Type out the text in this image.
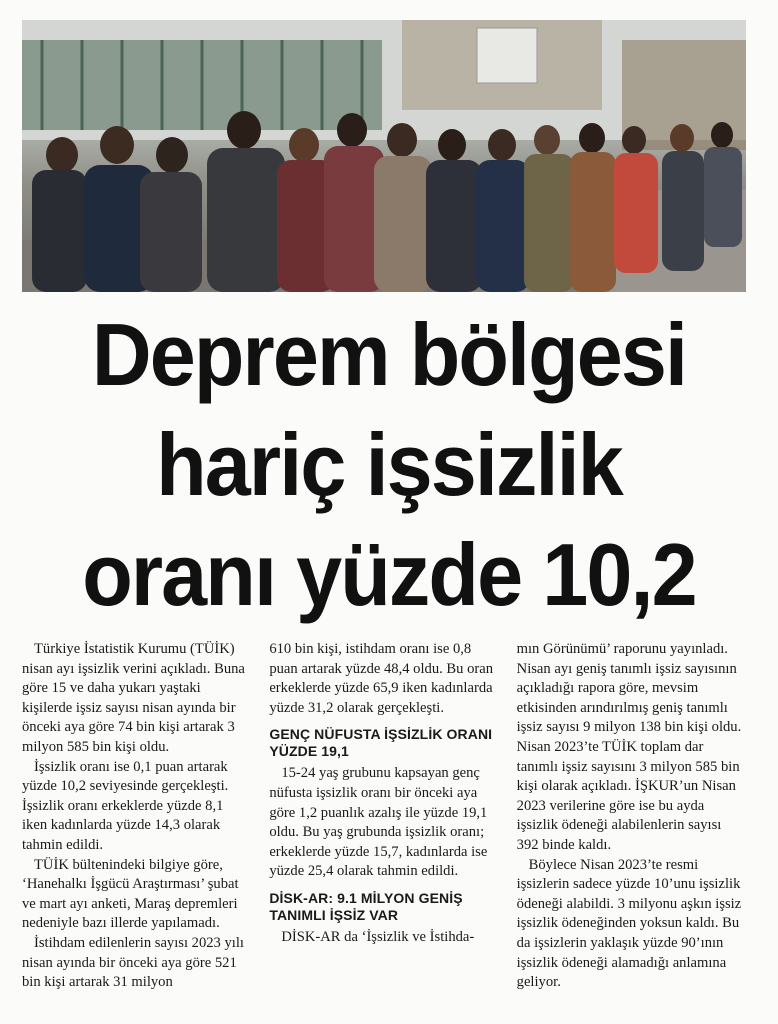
Deprem bölgesi
hariç işsizlik
oranı yüzde 10,2

Türkiye İstatistik Kurumu (TÜİK) nisan ayı işsizlik verini açıkladı. Buna göre 15 ve daha yukarı yaştaki kişilerde işsiz sayısı nisan ayında bir önceki aya göre 74 bin kişi artarak 3 milyon 585 bin kişi oldu.

İşsizlik oranı ise 0,1 puan artarak yüzde 10,2 seviyesinde gerçekleşti. İşsizlik oranı erkeklerde yüzde 8,1 iken kadınlarda yüzde 14,3 olarak tahmin edildi.

TÜİK bültenindeki bilgiye göre, ‘Hanehalkı İşgücü Araştırması’ şubat ve mart ayı anketi, Maraş depremleri nedeniyle bazı illerde yapılamadı.

İstihdam edilenlerin sayısı 2023 yılı nisan ayında bir önceki aya göre 521 bin kişi artarak 31 milyon

610 bin kişi, istihdam oranı ise 0,8 puan artarak yüzde 48,4 oldu. Bu oran erkeklerde yüzde 65,9 iken kadınlarda yüzde 31,2 olarak gerçekleşti.

GENÇ NÜFUSTA İŞSİZLİK ORANI YÜZDE 19,1

15-24 yaş grubunu kapsayan genç nüfusta işsizlik oranı bir önceki aya göre 1,2 puanlık azalış ile yüzde 19,1 oldu. Bu yaş grubunda işsizlik oranı; erkeklerde yüzde 15,7, kadınlarda ise yüzde 25,4 olarak tahmin edildi.

DİSK-AR: 9.1 MİLYON GENİŞ TANIMLI İŞSİZ VAR

DİSK-AR da ‘İşsizlik ve İstihda-

mın Görünümü’ raporunu yayınladı. Nisan ayı geniş tanımlı işsiz sayısının açıkladığı rapora göre, mevsim etkisinden arındırılmış geniş tanımlı işsiz sayısı 9 milyon 138 bin kişi oldu. Nisan 2023’te TÜİK toplam dar tanımlı işsiz sayısını 3 milyon 585 bin kişi olarak açıkladı. İŞKUR’un Nisan 2023 verilerine göre ise bu ayda işsizlik ödeneği alabilenlerin sayısı 392 binde kaldı.

Böylece Nisan 2023’te resmi işsizlerin sadece yüzde 10’unu işsizlik ödeneği alabildi. 3 milyonu aşkın işsiz işsizlik ödeneğinden yoksun kaldı. Bu da işsizlerin yaklaşık yüzde 90’ının işsizlik ödeneği alamadığı anlamına geliyor.
